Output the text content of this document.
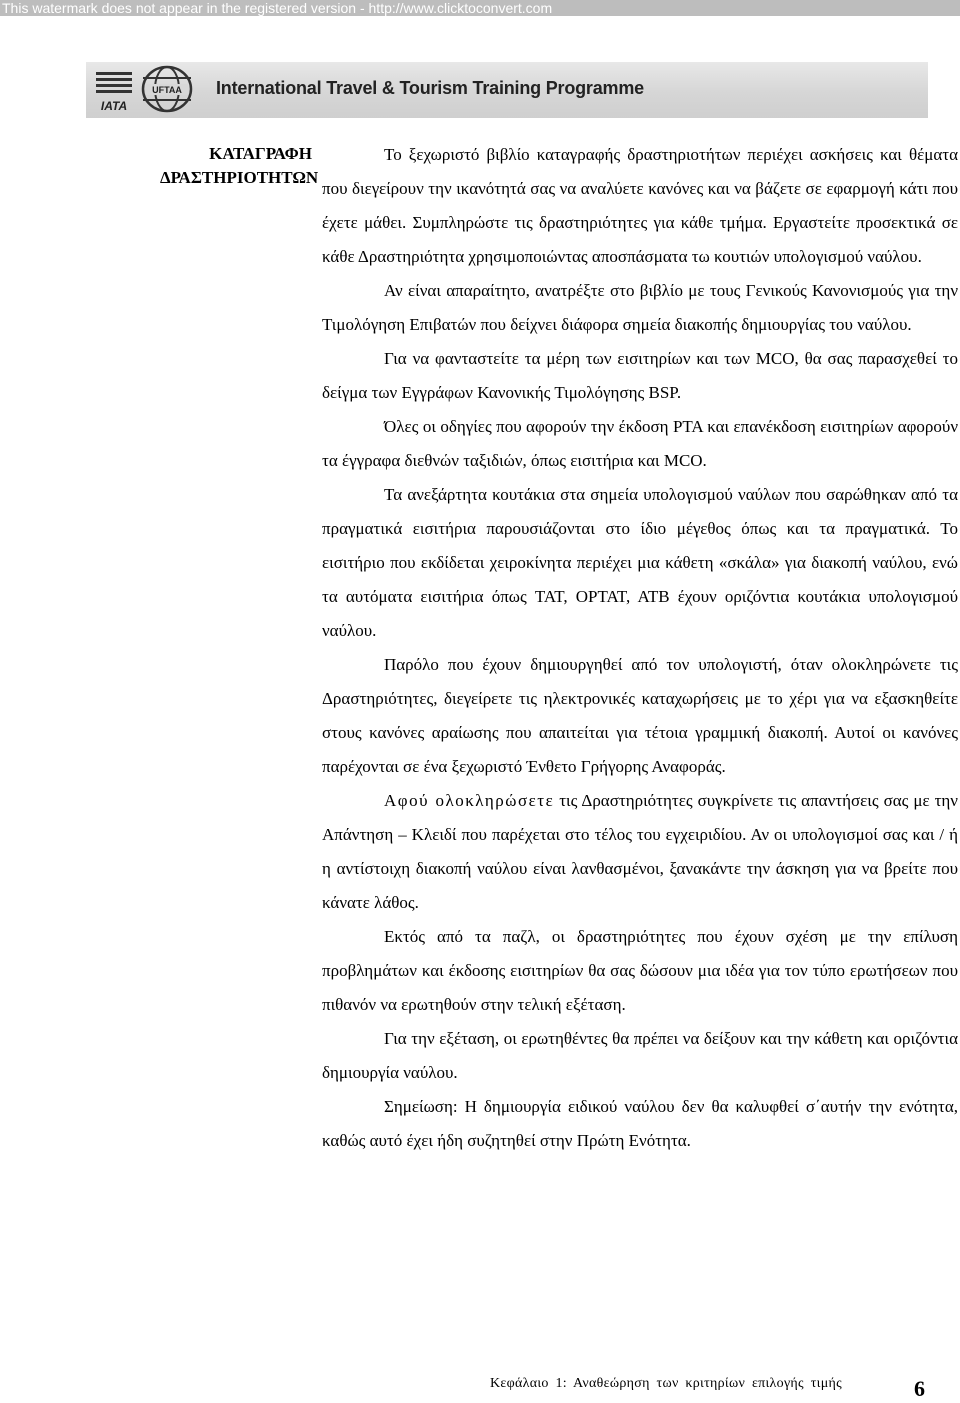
This watermark does not appear in the registered version - http://www.clicktoconvert.com
IATA
UFTAA International Travel & Tourism Training Programme
ΚΑΤΑΓΡΑΦΗ
ΔΡΑΣΤΗΡΙΟΤΗΤΩΝ

Το ξεχωριστό βιβλίο καταγραφής δραστηριοτήτων περιέχει ασκήσεις και θέματα που διεγείρουν την ικανότητά σας να αναλύετε κανόνες και να βάζετε σε εφαρμογή κάτι που έχετε μάθει. Συμπληρώστε τις δραστηριότητες για κάθε τμήμα. Εργαστείτε προσεκτικά σε κάθε Δραστηριότητα χρησιμοποιώντας αποσπάσματα τω κουτιών υπολογισμού ναύλου.

Αν είναι απαραίτητο, ανατρέξτε στο βιβλίο με τους Γενικούς Κανονισμούς για την Τιμολόγηση Επιβατών που δείχνει διάφορα σημεία διακοπής δημιουργίας του ναύλου.

Για να φανταστείτε τα μέρη των εισιτηρίων και των MCO, θα σας παρασχεθεί το δείγμα των Εγγράφων Κανονικής Τιμολόγησης BSP.

Όλες οι οδηγίες που αφορούν την έκδοση PTA και επανέκδοση εισιτηρίων αφορούν τα έγγραφα διεθνών ταξιδιών, όπως εισιτήρια και MCO.

Τα ανεξάρτητα κουτάκια στα σημεία υπολογισμού ναύλων που σαρώθηκαν από τα πραγματικά εισιτήρια παρουσιάζονται στο ίδιο μέγεθος όπως και τα πραγματικά. Το εισιτήριο που εκδίδεται χειροκίνητα περιέχει μια κάθετη «σκάλα» για διακοπή ναύλου, ενώ τα αυτόματα εισιτήρια όπως TAT, OPTAT, ATB έχουν οριζόντια κουτάκια υπολογισμού ναύλου.

Παρόλο που έχουν δημιουργηθεί από τον υπολογιστή, όταν ολοκληρώνετε τις Δραστηριότητες, διεγείρετε τις ηλεκτρονικές καταχωρήσεις με το χέρι για να εξασκηθείτε στους κανόνες αραίωσης που απαιτείται για τέτοια γραμμική διακοπή. Αυτοί οι κανόνες παρέχονται σε ένα ξεχωριστό Ένθετο Γρήγορης Αναφοράς.

Αφού ολοκληρώσετε τις Δραστηριότητες συγκρίνετε τις απαντήσεις σας με την Απάντηση – Κλειδί που παρέχεται στο τέλος του εγχειριδίου. Αν οι υπολογισμοί σας και / ή η αντίστοιχη διακοπή ναύλου είναι λανθασμένοι, ξανακάντε την άσκηση για να βρείτε που κάνατε λάθος.

Εκτός από τα παζλ, οι δραστηριότητες που έχουν σχέση με την επίλυση προβλημάτων και έκδοσης εισιτηρίων θα σας δώσουν μια ιδέα για τον τύπο ερωτήσεων που πιθανόν να ερωτηθούν στην τελική εξέταση.

Για την εξέταση, οι ερωτηθέντες θα πρέπει να δείξουν και την κάθετη και οριζόντια δημιουργία ναύλου.

Σημείωση: Η δημιουργία ειδικού ναύλου δεν θα καλυφθεί σ΄αυτήν την ενότητα, καθώς αυτό έχει ήδη συζητηθεί στην Πρώτη Ενότητα.

Κεφάλαιο 1: Αναθεώρηση των κριτηρίων επιλογής τιμής	6
